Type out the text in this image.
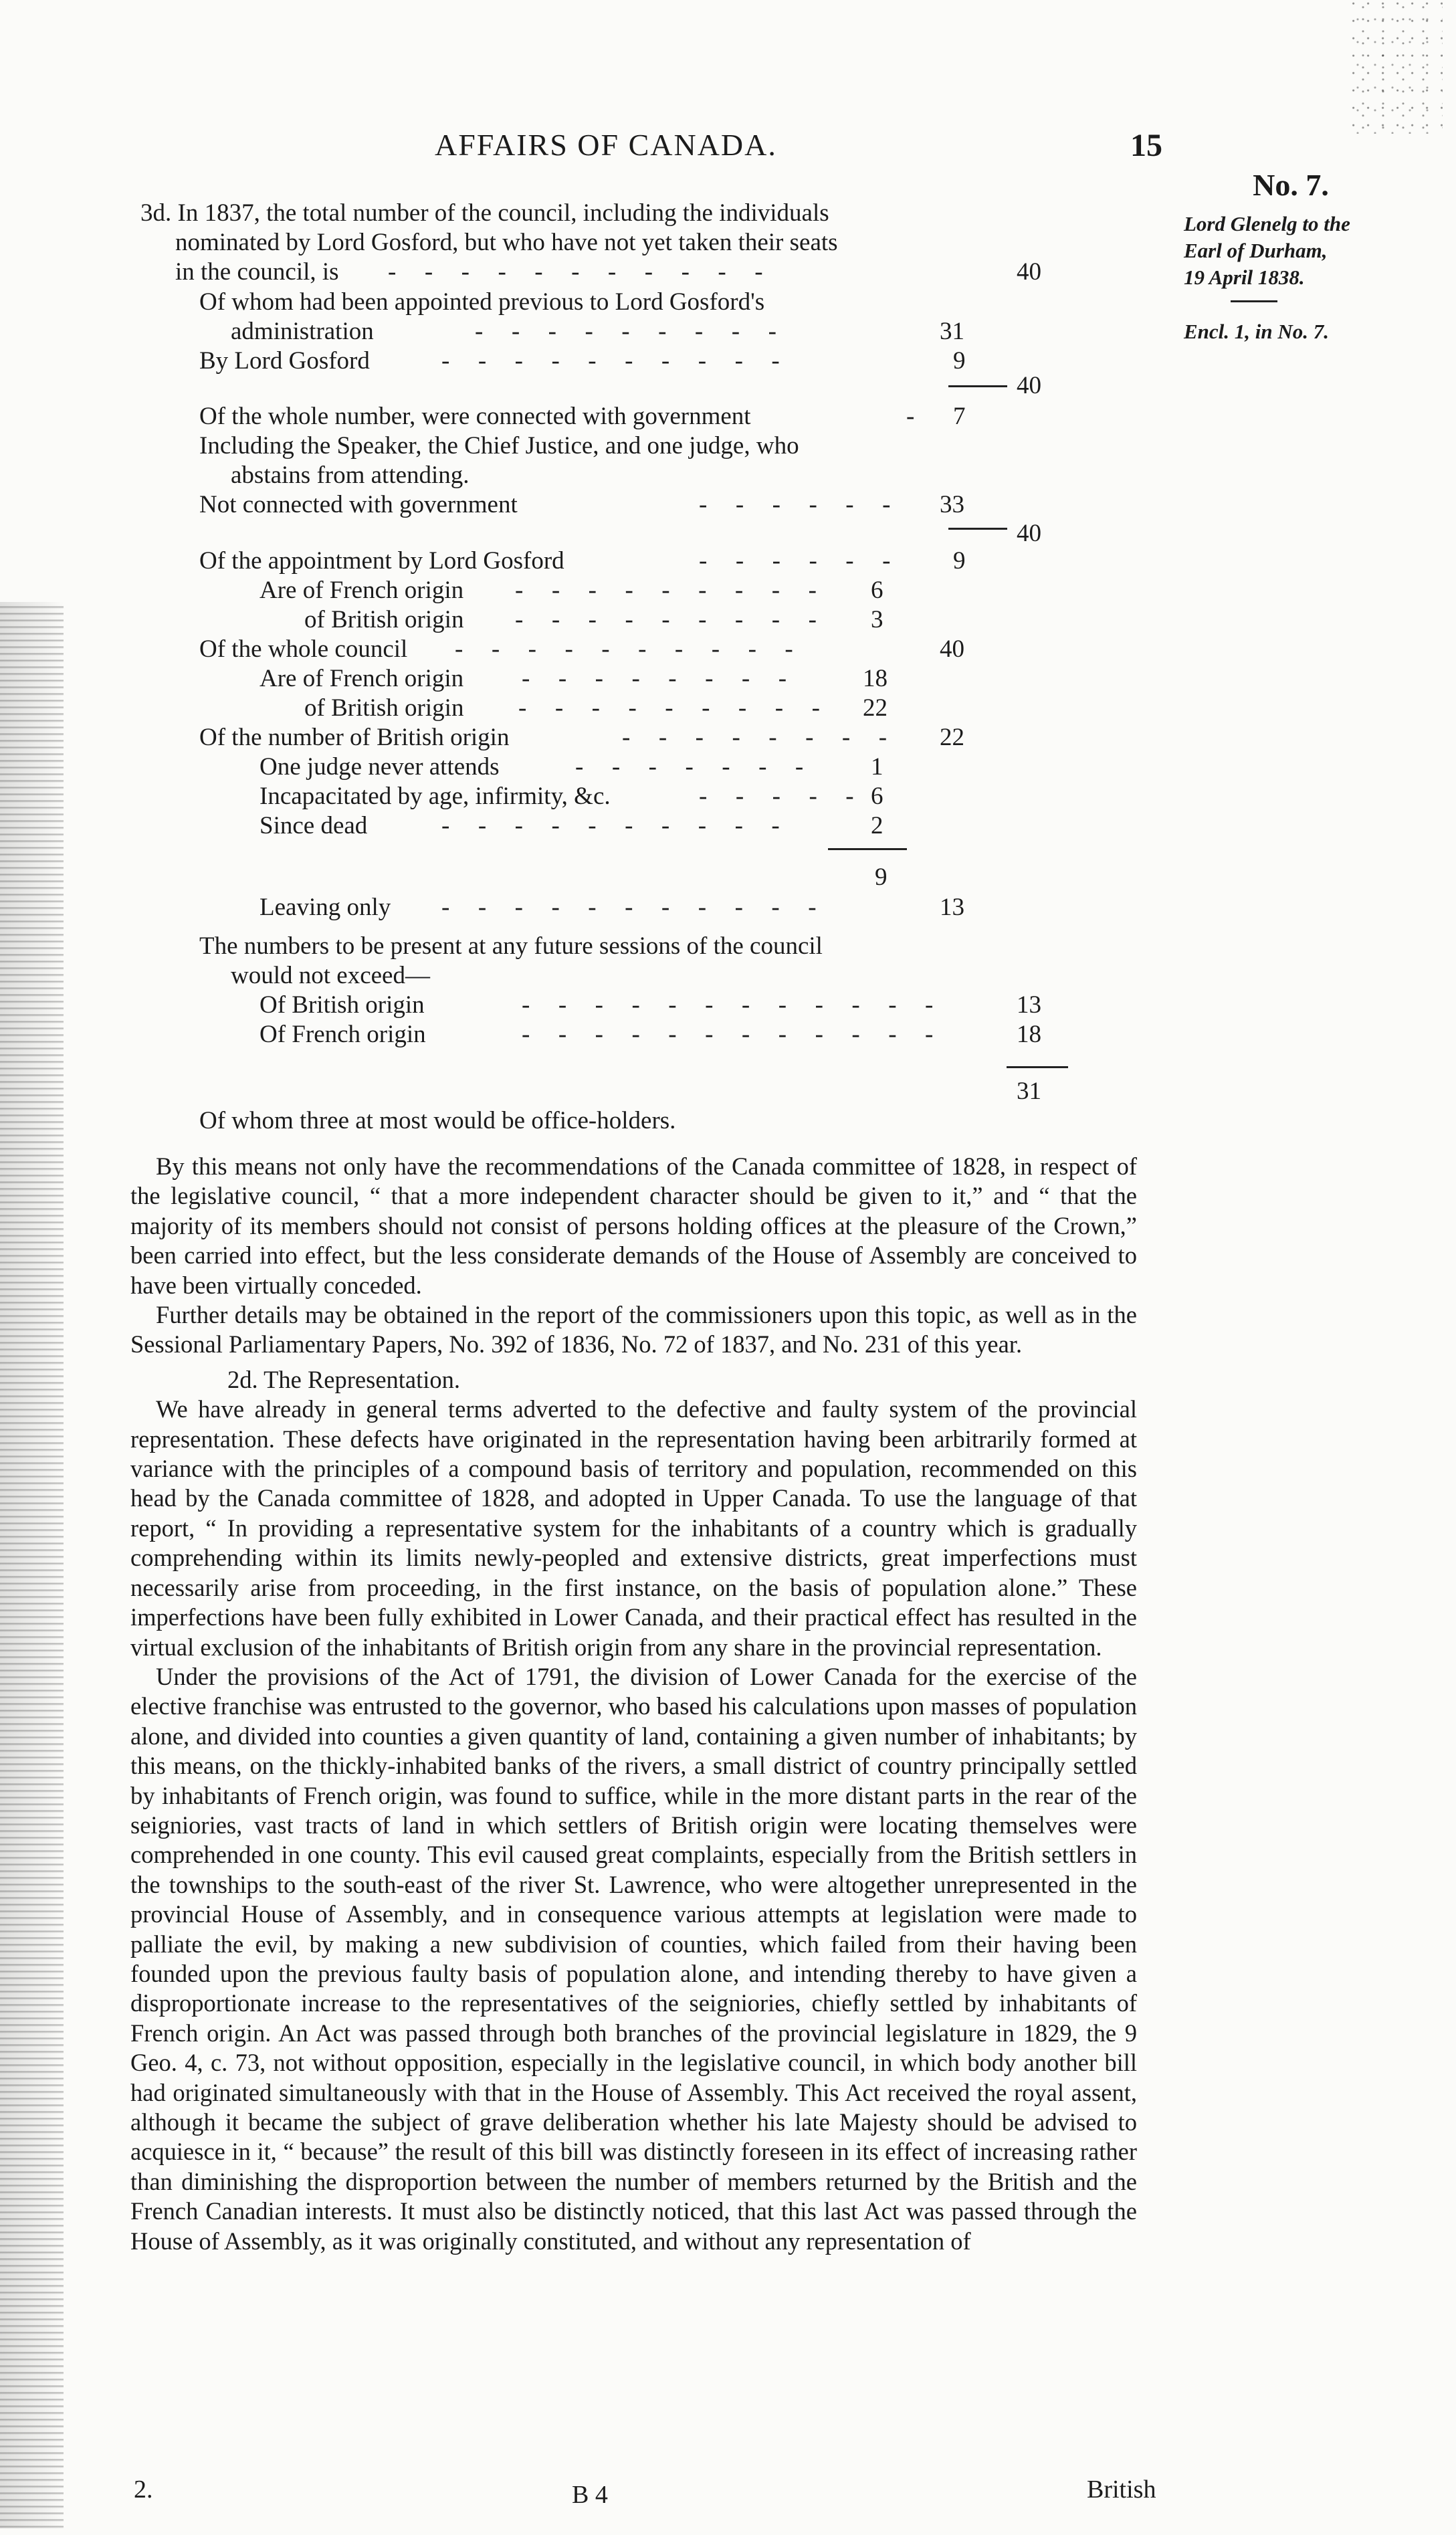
AFFAIRS OF CANADA.	15
No. 7.
Lord Glenelg to the
Earl of Durham,
19 April 1838.
Encl. 1, in No. 7.
3d. In 1837, the total number of the council, including the individuals
nominated by Lord Gosford, but who have not yet taken their seats
in the council, is -  -  -  -  -  -  -  -  -  -  -	40
Of whom had been appointed previous to Lord Gosford's
administration	-  -  -  -  -  -  -  -  -	31
By Lord Gosford	-  -  -  -  -  -  -  -  -  -	9
40
Of the whole number, were connected with government	- 7
Including the Speaker, the Chief Justice, and one judge, who
abstains from attending.
Not connected with government	-  -  -  -  -  - 33
40
Of the appointment by Lord Gosford	-  -  -  -  -  - 9
Are of French origin -  -  -  -  -  -  -  -  - 6
of British origin -  -  -  -  -  -  -  -  - 3
Of the whole council -  -  -  -  -  -  -  -  -  -	40
Are of French origin -  -  -  -  -  -  -  -	18
of British origin -  -  -  -  -  -  -  -  - 22
Of the number of British origin	-  -  -  -  -  -  -  - 22
One judge never attends	-  -  -  -  -  -  -	1
Incapacitated by age, infirmity, &c.	-  -  -  -  - 6
Since dead	-  -  -  -  -  -  -  -  -  -	2
9
Leaving only -  -  -  -  -  -  -  -  -  -  -	13
The numbers to be present at any future sessions of the council
would not exceed—
Of British origin	-  -  -  -  -  -  -  -  -  -  -  -	13
Of French origin	-  -  -  -  -  -  -  -  -  -  -  -	18
31
Of whom three at most would be office-holders.

By this means not only have the recommendations of the Canada committee of 1828, in respect of the legislative council, “ that a more independent character should be given to it,” and “ that the majority of its members should not consist of persons holding offices at the pleasure of the Crown,” been carried into effect, but the less considerate demands of the House of Assembly are conceived to have been virtually conceded.

Further details may be obtained in the report of the commissioners upon this topic, as well as in the Sessional Parliamentary Papers, No. 392 of 1836, No. 72 of 1837, and No. 231 of this year.

2d. The Representation.

We have already in general terms adverted to the defective and faulty system of the provincial representation. These defects have originated in the representation having been arbitrarily formed at variance with the principles of a compound basis of territory and population, recommended on this head by the Canada committee of 1828, and adopted in Upper Canada. To use the language of that report, “ In providing a representative system for the inhabitants of a country which is gradually comprehending within its limits newly-peopled and extensive districts, great imperfections must necessarily arise from proceeding, in the first instance, on the basis of population alone.” These imperfections have been fully exhibited in Lower Canada, and their practical effect has resulted in the virtual exclusion of the inhabitants of British origin from any share in the provincial representation.

Under the provisions of the Act of 1791, the division of Lower Canada for the exercise of the elective franchise was entrusted to the governor, who based his calculations upon masses of population alone, and divided into counties a given quantity of land, containing a given number of inhabitants; by this means, on the thickly-inhabited banks of the rivers, a small district of country principally settled by inhabitants of French origin, was found to suffice, while in the more distant parts in the rear of the seigniories, vast tracts of land in which settlers of British origin were locating themselves were comprehended in one county. This evil caused great complaints, especially from the British settlers in the townships to the south-east of the river St. Lawrence, who were altogether unrepresented in the provincial House of Assembly, and in consequence various attempts at legislation were made to palliate the evil, by making a new subdivision of counties, which failed from their having been founded upon the previous faulty basis of population alone, and intending thereby to have given a disproportionate increase to the representatives of the seigniories, chiefly settled by inhabitants of French origin. An Act was passed through both branches of the provincial legislature in 1829, the 9 Geo. 4, c. 73, not without opposition, especially in the legislative council, in which body another bill had originated simultaneously with that in the House of Assembly. This Act received the royal assent, although it became the subject of grave deliberation whether his late Majesty should be advised to acquiesce in it, “ because” the result of this bill was distinctly foreseen in its effect of increasing rather than diminishing the disproportion between the number of members returned by the British and the French Canadian interests. It must also be distinctly noticed, that this last Act was passed through the House of Assembly, as it was originally constituted, and without any representation of

2.	B 4	British
